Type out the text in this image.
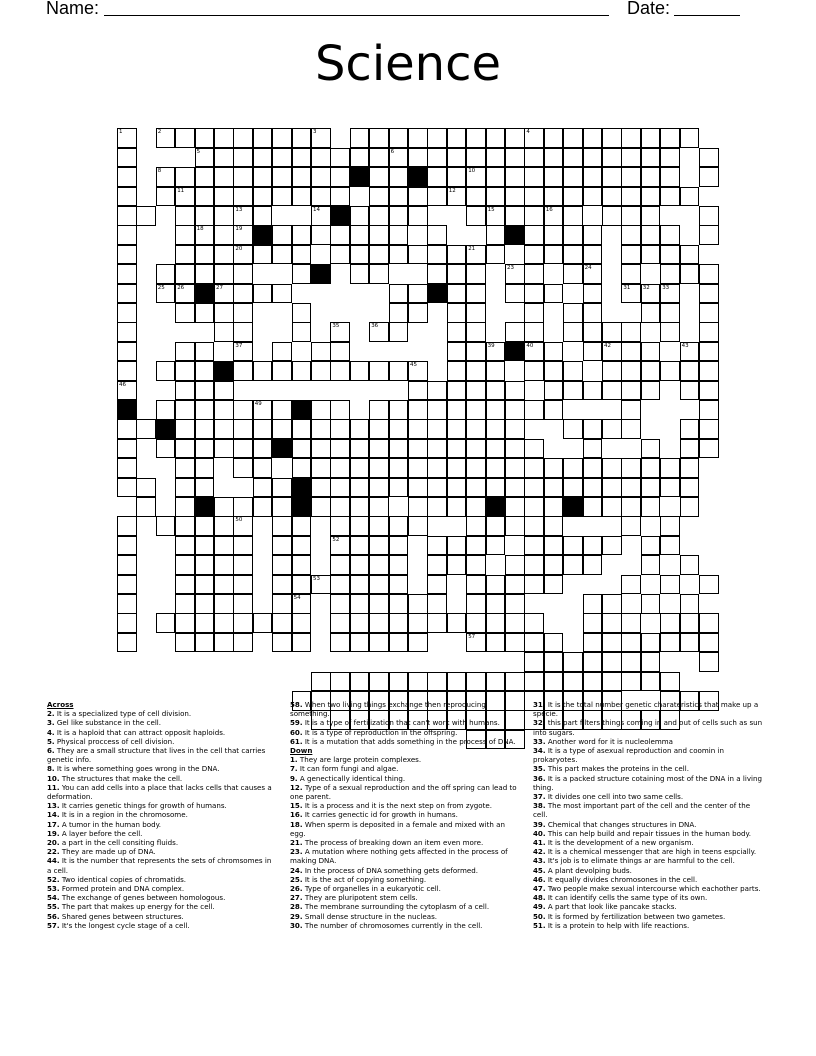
Name:	Date:
Science
1	2	3	4
5	6
8	9	10
11	12
13	14	15	16
18	19
20	21
23	24
25 26	27	30	31 32 33
35	36
37	39	40	42	43
45
46
49
50
52
53
54
57
Across
2. It is a specialized type of cell division.
3. Gel like substance in the cell.
4. It is a haploid that can attract opposit haploids.
5. Physical proccess of cell division.
6. They are a small structure that lives in the cell that carries genetic info.
8. It is where something goes wrong in the DNA.
10. The structures that make the cell.
11. You can add cells into a place that lacks cells that causes a deformation.
13. It carries genetic things for growth of humans.
14. It is in a region in the chromosome.
17. A tumor in the human body.
19. A layer before the cell.
20. a part in the cell consiting fluids.
22. They are made up of DNA.
44. It is the number that represents the sets of chromsomes in a cell.
52. Two identical copies of chromatids.
53. Formed protein and DNA complex.
54. The exchange of genes between homologous.
55. The part that makes up energy for the cell.
56. Shared genes between structures.
57. It's the longest cycle stage of a cell.
58. When two living things exchange then reproducing something.
59. It is a type of fertilization that can't work with humans.
60. It is a type of reproduction in the offspring.
61. It is a mutation that adds something in the process of DNA.
Down
1. They are large protein complexes.
7. It can form fungi and algae.
9. A genectically identical thing.
12. Type of a sexual reproduction and the off spring can lead to one parent.
15. It is a process and it is the next step on from zygote.
16. It carries genectic id for growth in humans.
18. When sperm is deposited in a female and mixed with an egg.
21. The process of breaking down an item even more.
23. A mutation where nothing gets affected in the process of making DNA.
24. In the process of DNA something gets deformed.
25. It is the act of copying something.
26. Type of organelles in a eukaryotic cell.
27. They are pluripotent stem cells.
28. The membrane surrounding the cytoplasm of a cell.
29. Small dense structure in the nucleas.
30. The number of chromosomes currently in the cell.
31. It is the total number genetic charateristics that make up a specie.
32. this part filters things coming in and out of cells such as sun into sugars.
33. Another word for it is nucleolemma
34. It is a type of asexual reproduction and coomin in prokaryotes.
35. This part makes the proteins in the cell.
36. It is a packed structure cotaining most of the DNA in a living thing.
37. It divides one cell into two same cells.
38. The most important part of the cell and the center of the cell.
39. Chemical that changes structures in DNA.
40. This can help build and repair tissues in the human body.
41. It is the development of a new organism.
42. It is a chemical messenger that are high in teens espcially.
43. It's job is to elimate things ar are harmful to the cell.
45. A plant devolping buds.
46. It equally divides chromosones in the cell.
47. Two people make sexual intercourse which eachother parts.
48. It can identify cells the same type of its own.
49. A part that look like pancake stacks.
50. It is formed by fertilization between two gametes.
51. It is a protein to help with life reactions.
